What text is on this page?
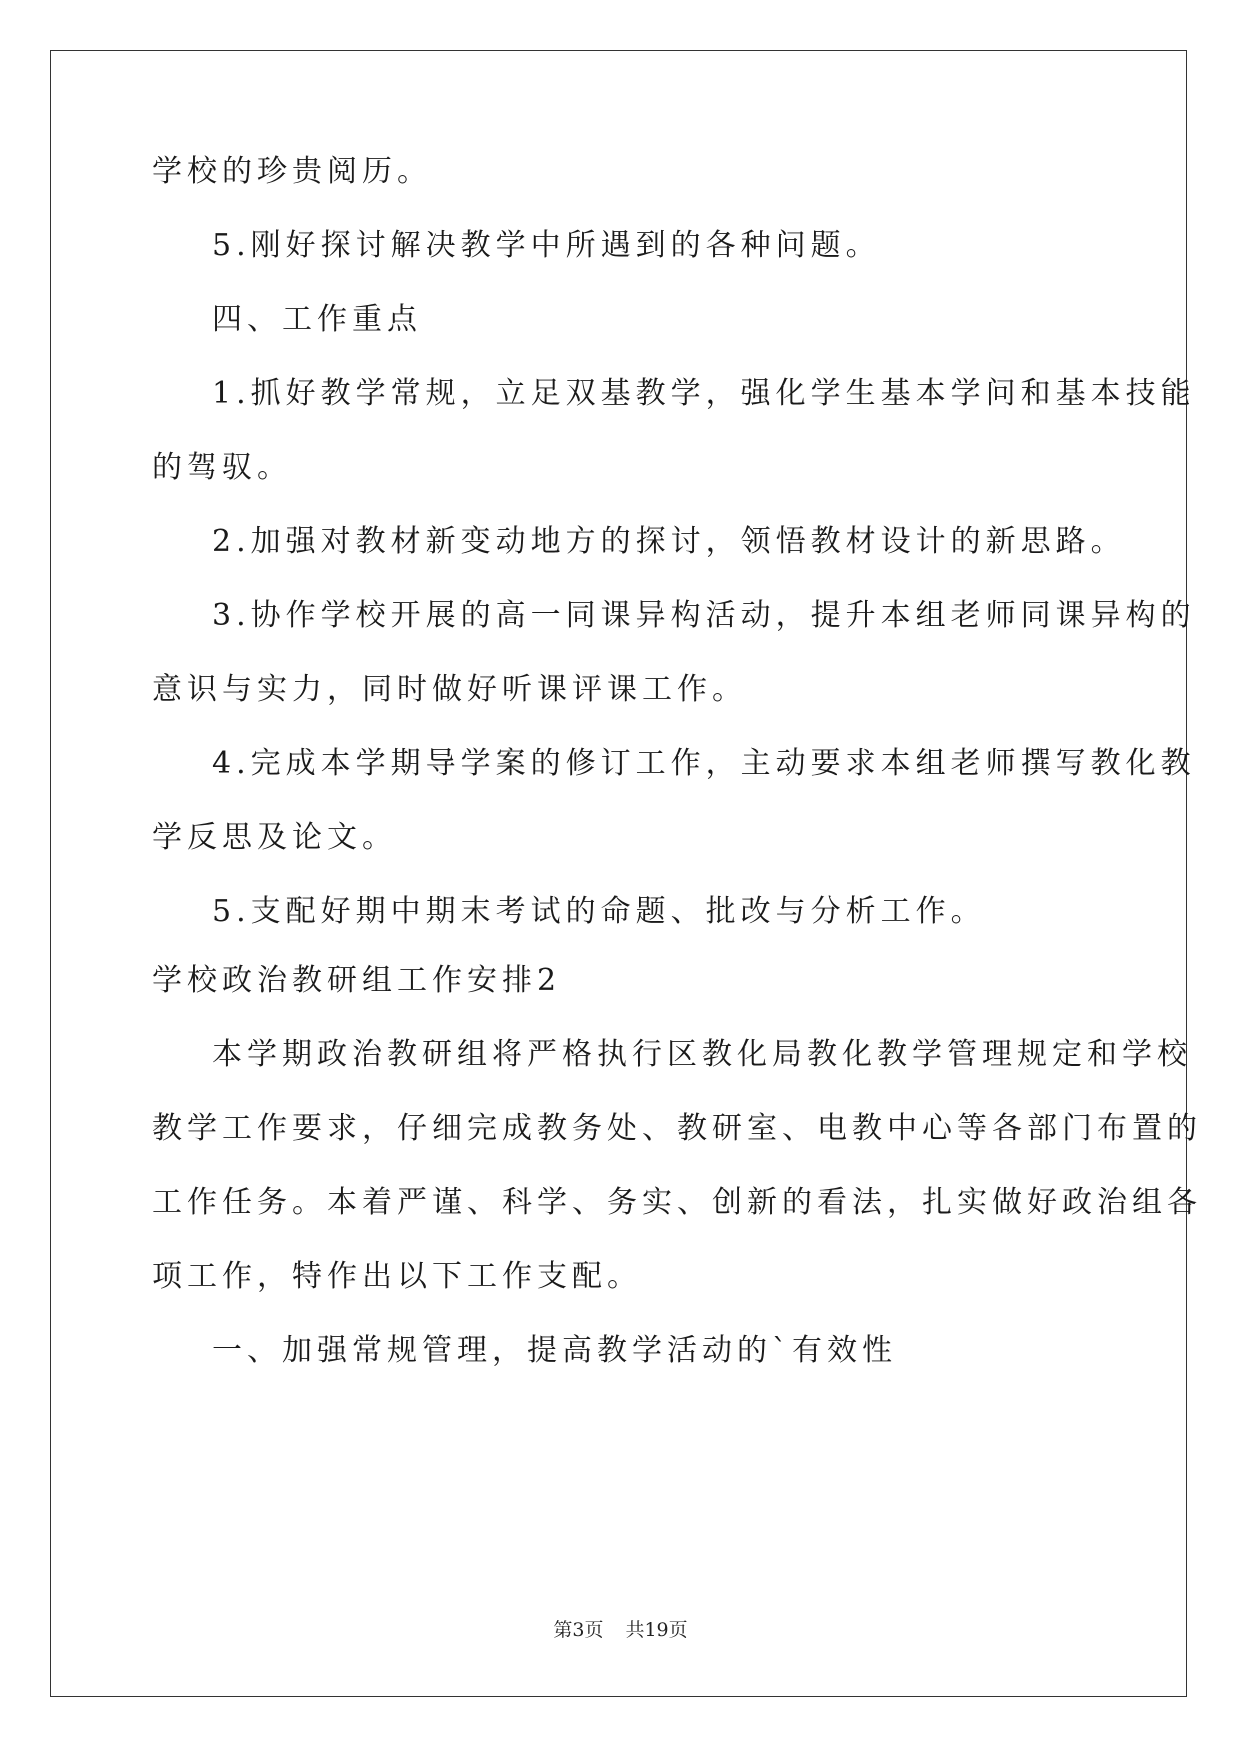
学校的珍贵阅历。
5.刚好探讨解决教学中所遇到的各种问题。
四、工作重点
1.抓好教学常规，立足双基教学，强化学生基本学问和基本技能
的驾驭。
2.加强对教材新变动地方的探讨，领悟教材设计的新思路。
3.协作学校开展的高一同课异构活动，提升本组老师同课异构的
意识与实力，同时做好听课评课工作。
4.完成本学期导学案的修订工作，主动要求本组老师撰写教化教
学反思及论文。
5.支配好期中期末考试的命题、批改与分析工作。
学校政治教研组工作安排2
本学期政治教研组将严格执行区教化局教化教学管理规定和学校
教学工作要求，仔细完成教务处、教研室、电教中心等各部门布置的
工作任务。本着严谨、科学、务实、创新的看法，扎实做好政治组各
项工作，特作出以下工作支配。
一、加强常规管理，提高教学活动的`有效性
第3页 共19页
